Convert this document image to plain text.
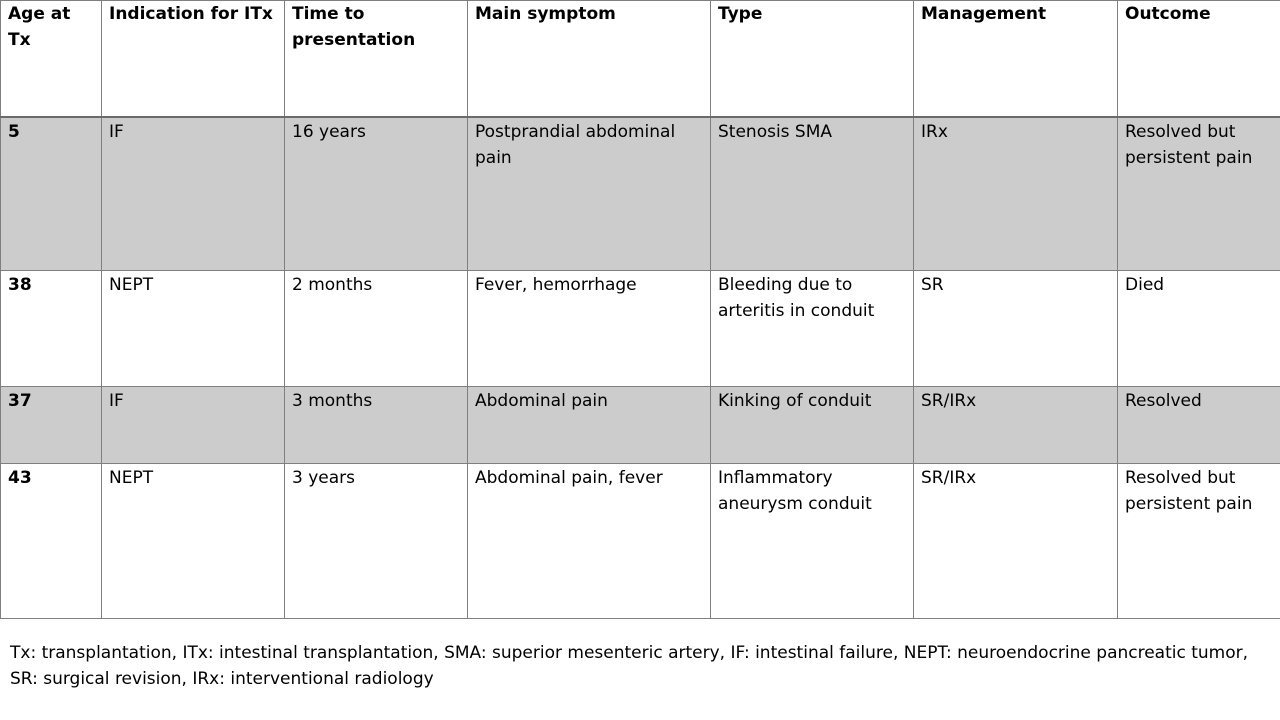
Age at Tx	Indication for ITx	Time to presentation	Main symptom	Type	Management	Outcome
5	IF	16 years	Postprandial abdominal pain	Stenosis SMA	IRx	Resolved but persistent pain
38	NEPT	2 months	Fever, hemorrhage	Bleeding due to arteritis in conduit	SR	Died
37	IF	3 months	Abdominal pain	Kinking of conduit	SR/IRx	Resolved
43	NEPT	3 years	Abdominal pain, fever	Inflammatory aneurysm conduit	SR/IRx	Resolved but persistent pain
Tx: transplantation, ITx: intestinal transplantation, SMA: superior mesenteric artery, IF: intestinal failure, NEPT: neuroendocrine pancreatic tumor, SR: surgical revision, IRx: interventional radiology
